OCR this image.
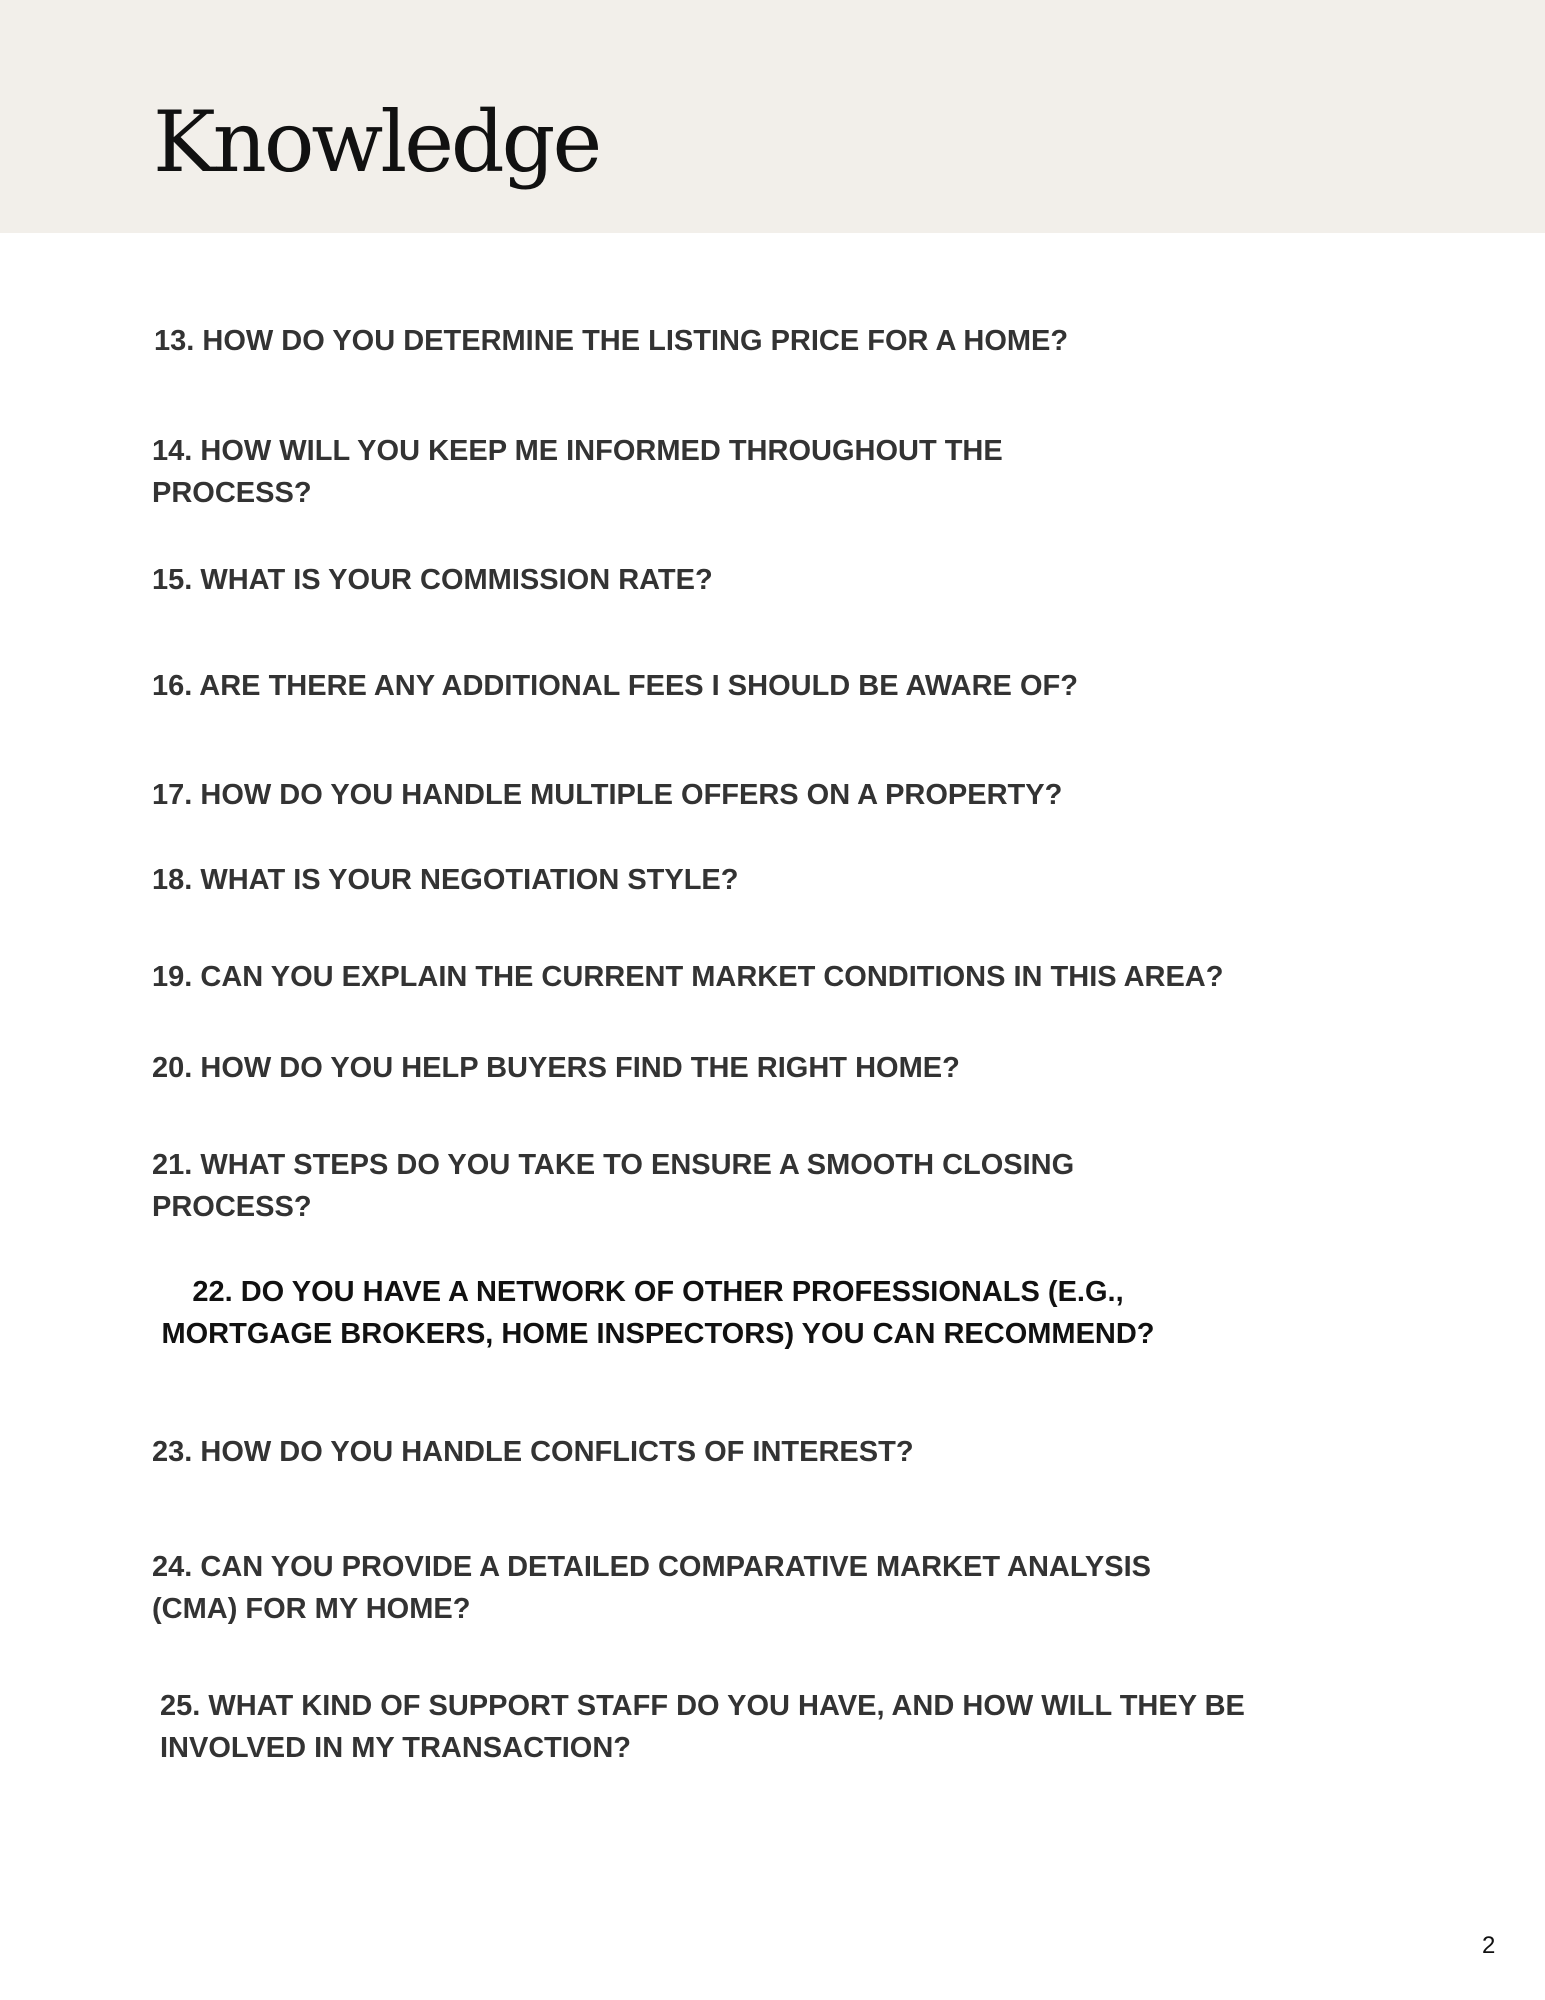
Knowledge

13. HOW DO YOU DETERMINE THE LISTING PRICE FOR A HOME?

14. HOW WILL YOU KEEP ME INFORMED THROUGHOUT THE
PROCESS?

15. WHAT IS YOUR COMMISSION RATE?

16. ARE THERE ANY ADDITIONAL FEES I SHOULD BE AWARE OF?

17. HOW DO YOU HANDLE MULTIPLE OFFERS ON A PROPERTY?

18. WHAT IS YOUR NEGOTIATION STYLE?

19. CAN YOU EXPLAIN THE CURRENT MARKET CONDITIONS IN THIS AREA?

20. HOW DO YOU HELP BUYERS FIND THE RIGHT HOME?

21. WHAT STEPS DO YOU TAKE TO ENSURE A SMOOTH CLOSING
PROCESS?

22. DO YOU HAVE A NETWORK OF OTHER PROFESSIONALS (E.G.,
MORTGAGE BROKERS, HOME INSPECTORS) YOU CAN RECOMMEND?

23. HOW DO YOU HANDLE CONFLICTS OF INTEREST?

24. CAN YOU PROVIDE A DETAILED COMPARATIVE MARKET ANALYSIS
(CMA) FOR MY HOME?

25. WHAT KIND OF SUPPORT STAFF DO YOU HAVE, AND HOW WILL THEY BE
INVOLVED IN MY TRANSACTION?

2
